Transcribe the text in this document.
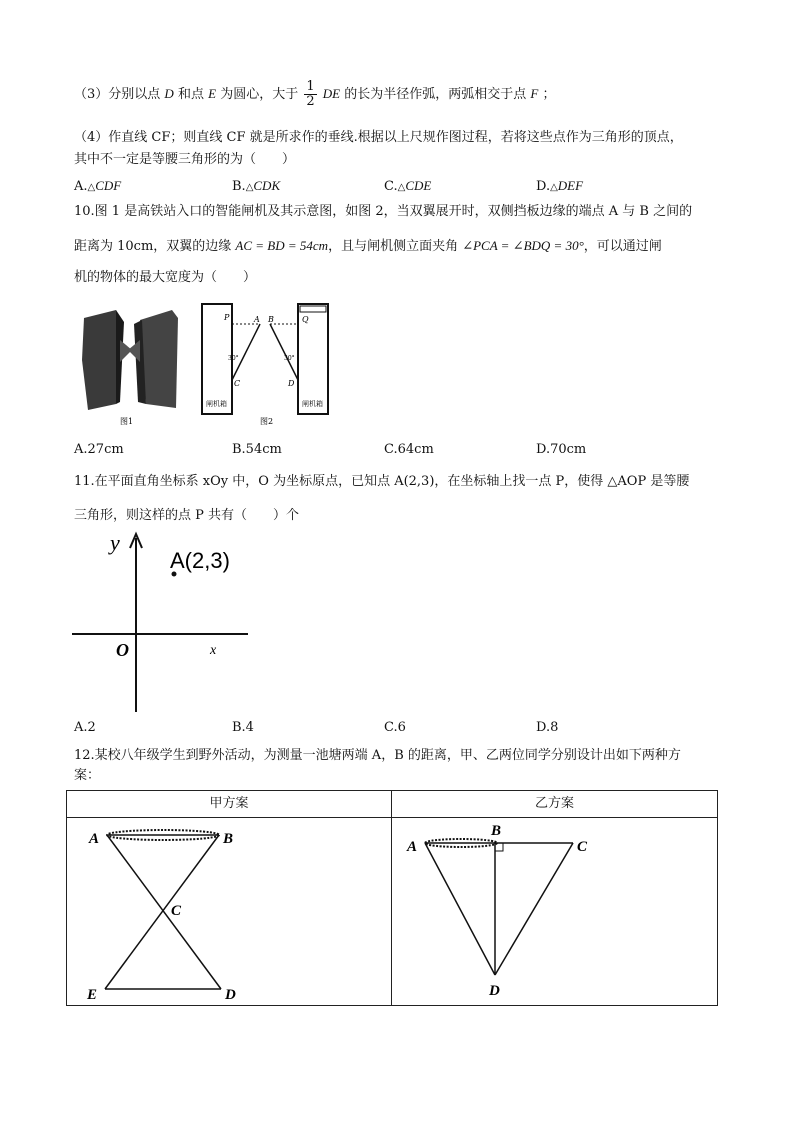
（3）分别以点 D 和点 E 为圆心，大于 $\frac{1}{2}$ DE 的长为半径作弧，两弧相交于点 F ；
（4）作直线 CF；则直线 CF 就是所求作的垂线.根据以上尺规作图过程，若将这些点作为三角形的顶点，
其中不一定是等腰三角形的为（　　）
A.△CDF	B.△CDK	C.△CDE	D.△DEF
10.图 1 是高铁站入口的智能闸机及其示意图，如图 2，当双翼展开时，双侧挡板边缘的端点 A 与 B 之间的
距离为 10cm，双翼的边缘 AC = BD = 54cm，且与闸机侧立面夹角 ∠PCA = ∠BDQ = 30°，可以通过闸
机的物体的最大宽度为（　　）
图1
P	A B	Q
30°	30°
C	D
闸机箱	闸机箱
图2
A.27cm	B.54cm	C.64cm	D.70cm
11.在平面直角坐标系 xOy 中，O 为坐标原点，已知点 A(2,3)，在坐标轴上找一点 P，使得 △AOP 是等腰
三角形，则这样的点 P 共有（　　）个
y
x
O
A(2,3)
A.2	B.4	C.6	D.8
12.某校八年级学生到野外活动，为测量一池塘两端 A，B 的距离，甲、乙两位同学分别设计出如下两种方
案：
甲方案	乙方案
A	B
C
E	D
A
B
C
D
